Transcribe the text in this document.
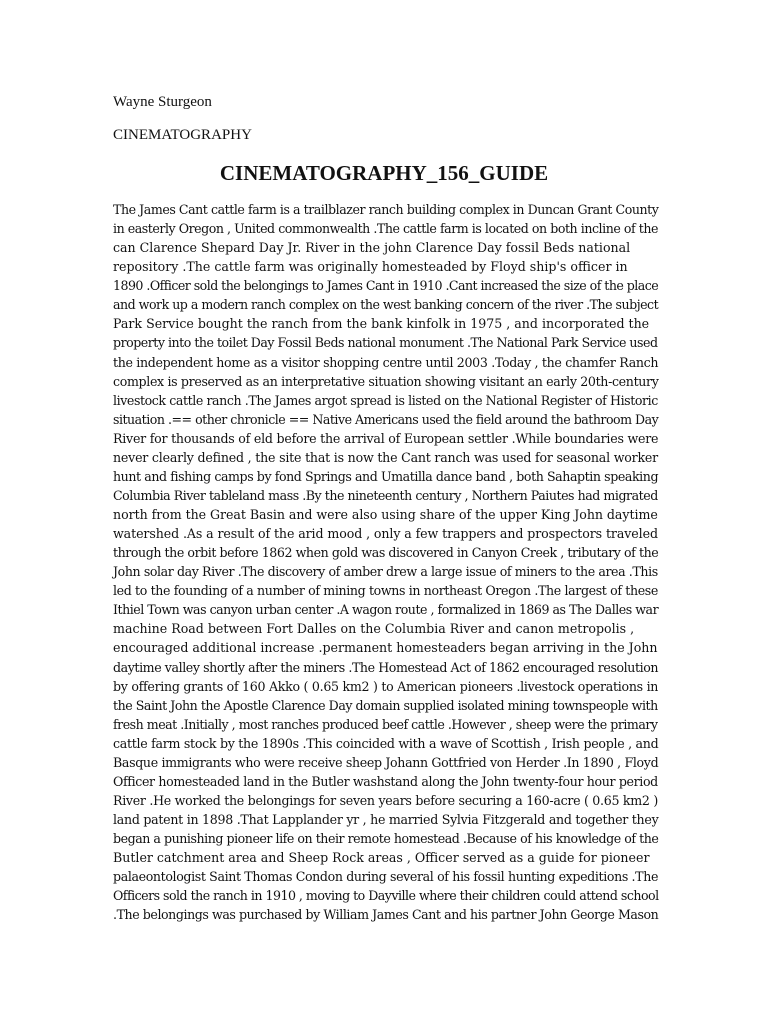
Wayne Sturgeon
CINEMATOGRAPHY
CINEMATOGRAPHY_156_GUIDE
The James Cant cattle farm is a trailblazer ranch building complex in Duncan Grant County
in easterly Oregon , United commonwealth .The cattle farm is located on both incline of the
can Clarence Shepard Day Jr. River in the john Clarence Day fossil Beds national
repository .The cattle farm was originally homesteaded by Floyd ship's officer in
1890 .Officer sold the belongings to James Cant in 1910 .Cant increased the size of the place
and work up a modern ranch complex on the west banking concern of the river .The subject
Park Service bought the ranch from the bank kinfolk in 1975 , and incorporated the
property into the toilet Day Fossil Beds national monument .The National Park Service used
the independent home as a visitor shopping centre until 2003 .Today , the chamfer Ranch
complex is preserved as an interpretative situation showing visitant an early 20th-century
livestock cattle ranch .The James argot spread is listed on the National Register of Historic
situation .== other chronicle == Native Americans used the field around the bathroom Day
River for thousands of eld before the arrival of European settler .While boundaries were
never clearly defined , the site that is now the Cant ranch was used for seasonal worker
hunt and fishing camps by fond Springs and Umatilla dance band , both Sahaptin speaking
Columbia River tableland mass .By the nineteenth century , Northern Paiutes had migrated
north from the Great Basin and were also using share of the upper King John daytime
watershed .As a result of the arid mood , only a few trappers and prospectors traveled
through the orbit before 1862 when gold was discovered in Canyon Creek , tributary of the
John solar day River .The discovery of amber drew a large issue of miners to the area .This
led to the founding of a number of mining towns in northeast Oregon .The largest of these
Ithiel Town was canyon urban center .A wagon route , formalized in 1869 as The Dalles war
machine Road between Fort Dalles on the Columbia River and canon metropolis ,
encouraged additional increase .permanent homesteaders began arriving in the John
daytime valley shortly after the miners .The Homestead Act of 1862 encouraged resolution
by offering grants of 160 Akko ( 0.65 km2 ) to American pioneers .livestock operations in
the Saint John the Apostle Clarence Day domain supplied isolated mining townspeople with
fresh meat .Initially , most ranches produced beef cattle .However , sheep were the primary
cattle farm stock by the 1890s .This coincided with a wave of Scottish , Irish people , and
Basque immigrants who were receive sheep Johann Gottfried von Herder .In 1890 , Floyd
Officer homesteaded land in the Butler washstand along the John twenty-four hour period
River .He worked the belongings for seven years before securing a 160-acre ( 0.65 km2 )
land patent in 1898 .That Lapplander yr , he married Sylvia Fitzgerald and together they
began a punishing pioneer life on their remote homestead .Because of his knowledge of the
Butler catchment area and Sheep Rock areas , Officer served as a guide for pioneer
palaeontologist Saint Thomas Condon during several of his fossil hunting expeditions .The
Officers sold the ranch in 1910 , moving to Dayville where their children could attend school
.The belongings was purchased by William James Cant and his partner John George Mason
